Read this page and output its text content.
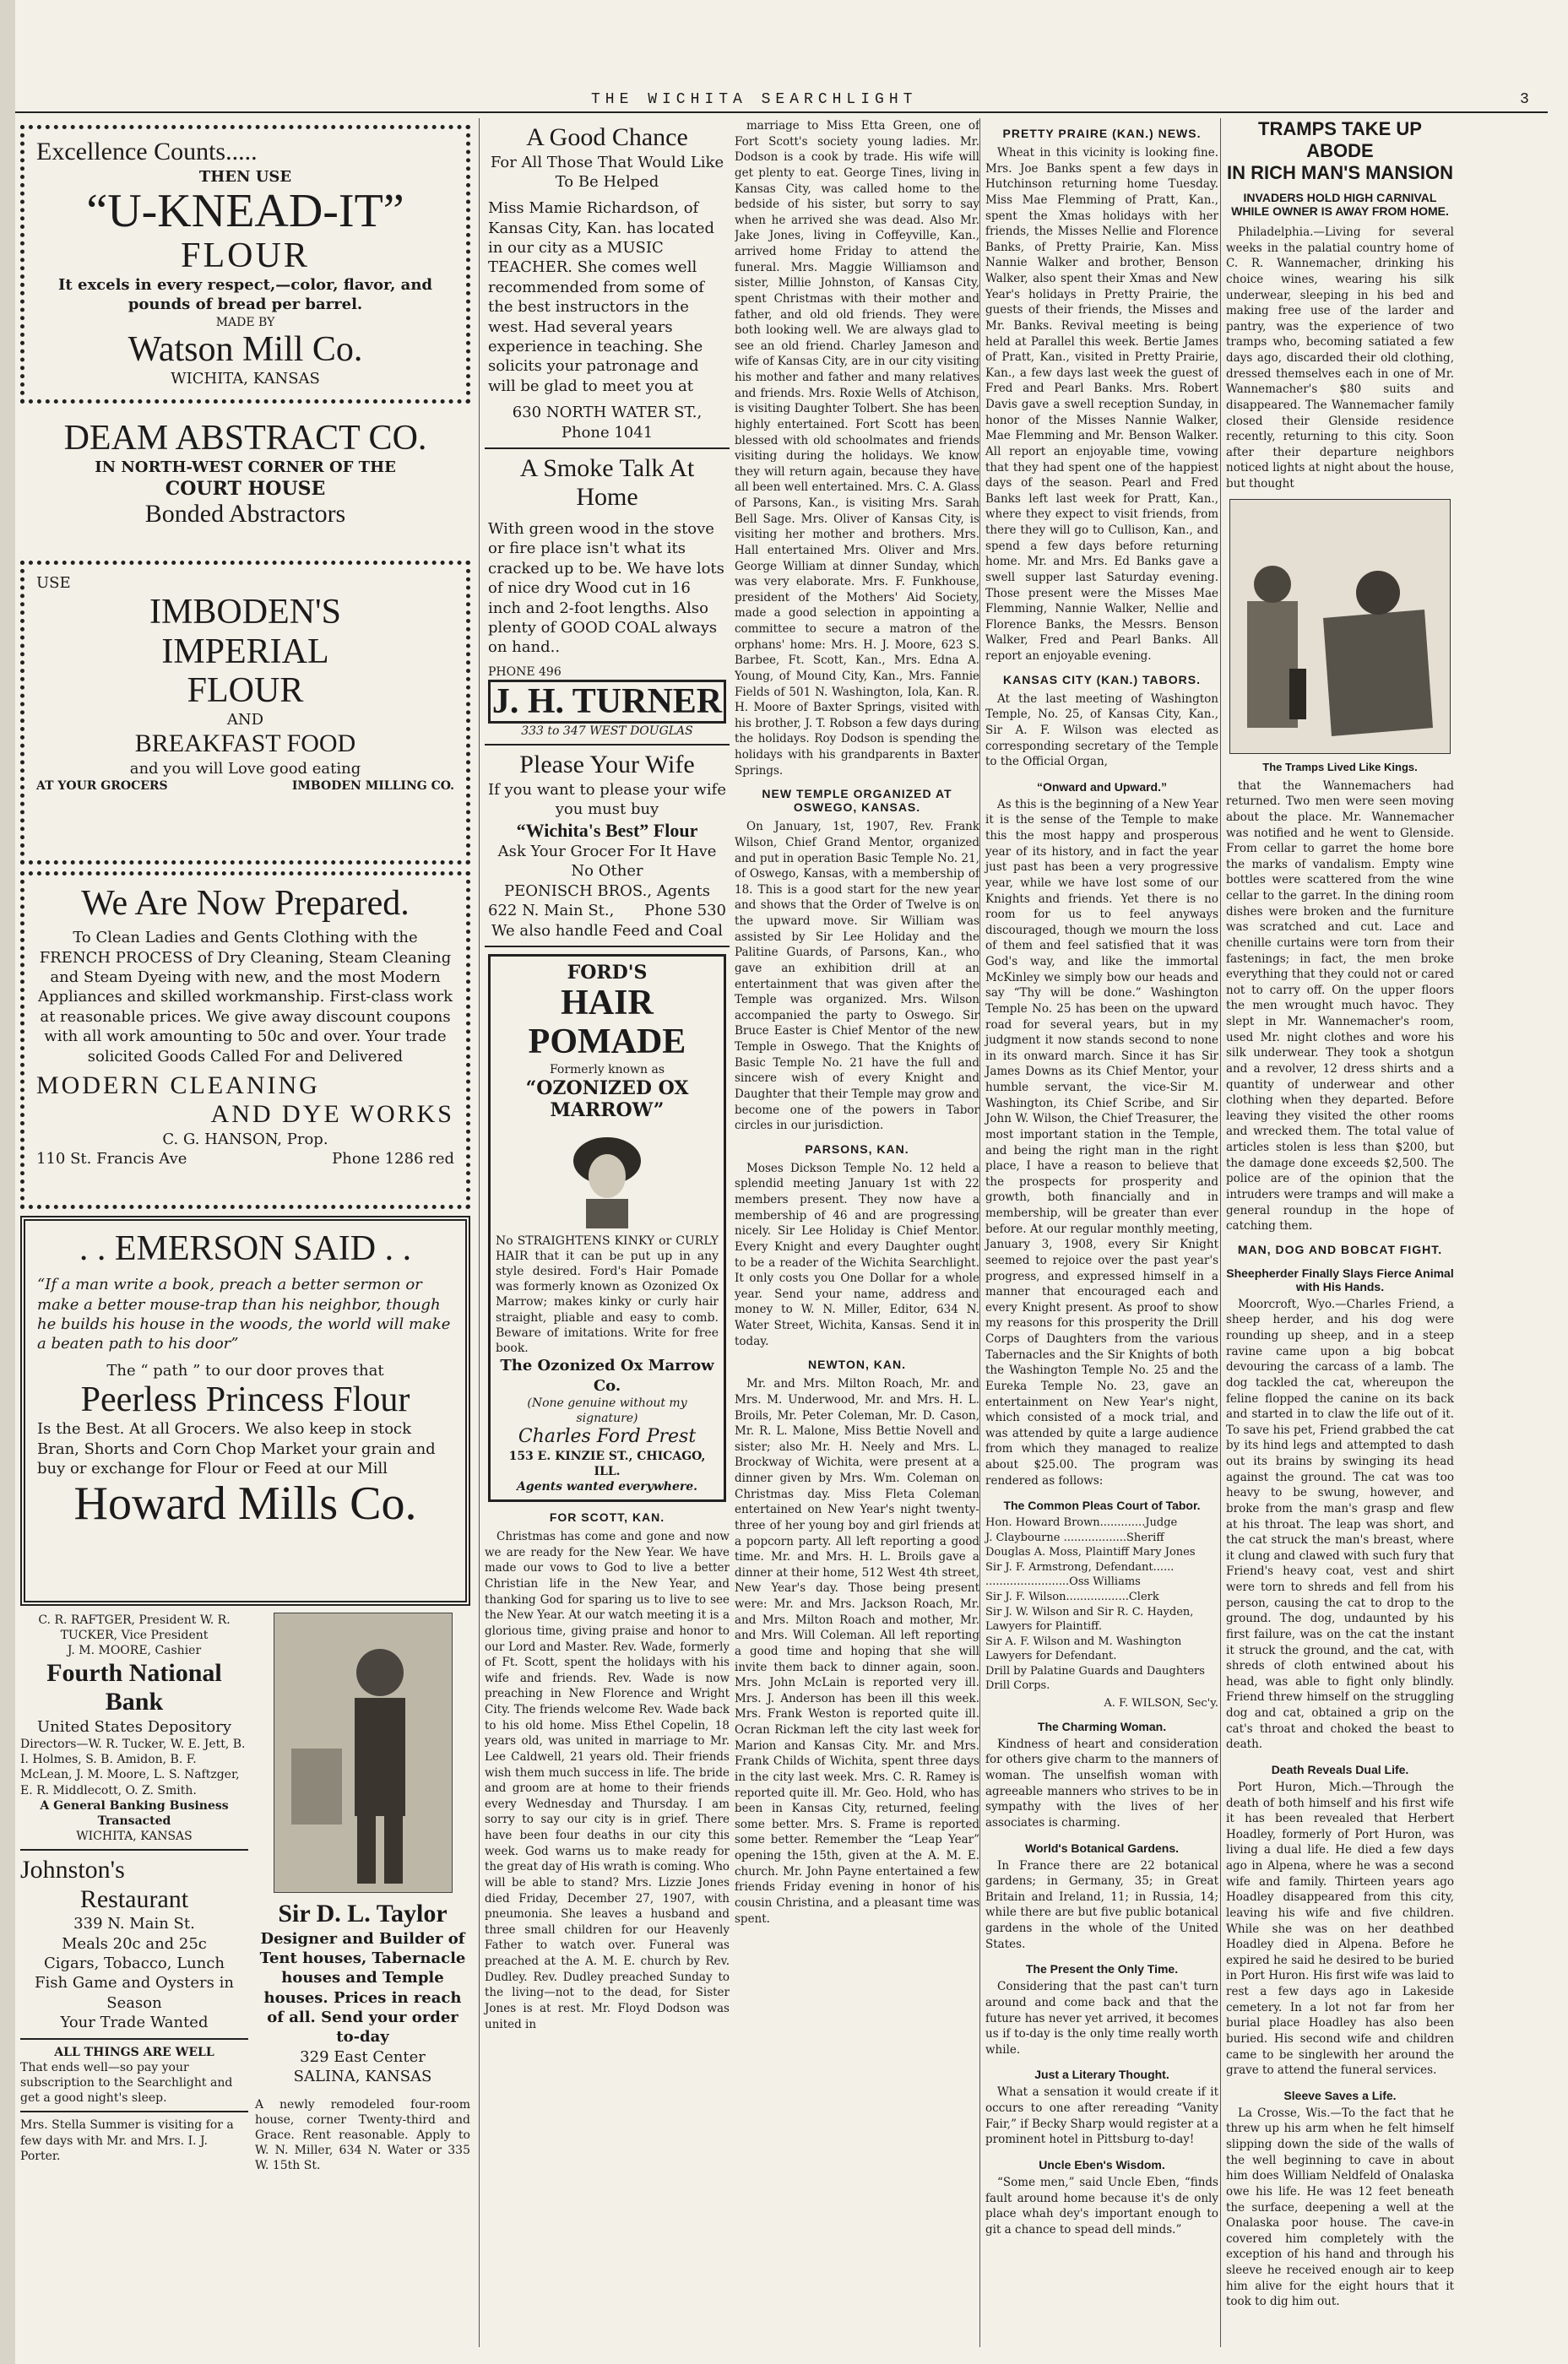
THE WICHITA SEARCHLIGHT	3
Excellence Counts.....
THEN USE
“U-KNEAD-IT”
FLOUR
It excels in every respect,—color, flavor, and pounds of bread per barrel.
MADE BY
Watson Mill Co.
WICHITA, KANSAS
DEAM ABSTRACT CO.
IN NORTH-WEST CORNER OF THE
COURT HOUSE
Bonded Abstractors
USE
IMBODEN'S
IMPERIAL
FLOUR
AND
BREAKFAST FOOD
and you will Love good eating
AT YOUR GROCERS	IMBODEN MILLING CO.
We Are Now Prepared.
To Clean Ladies and Gents Clothing with the FRENCH PROCESS of Dry Cleaning, Steam Cleaning and Steam Dyeing with new, and the most Modern Appliances and skilled workmanship. First-class work at reasonable prices. We give away discount coupons with all work amounting to 50c and over. Your trade solicited Goods Called For and Delivered
MODERN CLEANING
AND DYE WORKS
C. G. HANSON, Prop.
110 St. Francis Ave	Phone 1286 red
. . EMERSON SAID . .
“If a man write a book, preach a better sermon or make a better mouse-trap than his neighbor, though he builds his house in the woods, the world will make a beaten path to his door”
The “ path ” to our door proves that
Peerless Princess Flour
Is the Best. At all Grocers. We also keep in stock Bran, Shorts and Corn Chop Market your grain and buy or exchange for Flour or Feed at our Mill
Howard Mills Co.
C. R. RAFTGER, President W. R. TUCKER, Vice President
J. M. MOORE, Cashier
Fourth National Bank
United States Depository
Directors—W. R. Tucker, W. E. Jett, B. I. Holmes, S. B. Amidon, B. F. McLean, J. M. Moore, L. S. Naftzger, E. R. Middlecott, O. Z. Smith.
A General Banking Business Transacted
WICHITA, KANSAS
Johnston's
Restaurant
339 N. Main St.
Meals 20c and 25c
Cigars, Tobacco, Lunch
Fish Game and Oysters in Season
Your Trade Wanted
ALL THINGS ARE WELL
That ends well—so pay your subscription to the Searchlight and get a good night's sleep.
Mrs. Stella Summer is visiting for a few days with Mr. and Mrs. I. J. Porter.
Sir D. L. Taylor
Designer and Builder of Tent houses, Tabernacle houses and Temple houses. Prices in reach of all. Send your order to-day
329 East Center
SALINA, KANSAS
A newly remodeled four-room house, corner Twenty-third and Grace. Rent reasonable. Apply to W. N. Miller, 634 N. Water or 335 W. 15th St.
A Good Chance
For All Those That Would Like To Be Helped
Miss Mamie Richardson, of Kansas City, Kan. has located in our city as a MUSIC TEACHER. She comes well recommended from some of the best instructors in the west. Had several years experience in teaching. She solicits your patronage and will be glad to meet you at
630 NORTH WATER ST.,
Phone 1041
A Smoke Talk At Home
With green wood in the stove or fire place isn't what its cracked up to be. We have lots of nice dry Wood cut in 16 inch and 2-foot lengths. Also plenty of GOOD COAL always on hand..
PHONE 496
J. H. TURNER
333 to 347 WEST DOUGLAS
Please Your Wife
If you want to please your wife you must buy
“Wichita's Best” Flour
Ask Your Grocer For It Have No Other
PEONISCH BROS., Agents
622 N. Main St., Phone 530
We also handle Feed and Coal
FORD'S
HAIR POMADE
Formerly known as
“OZONIZED OX MARROW”
No STRAIGHTENS KINKY or CURLY HAIR that it can be put up in any style desired. Ford's Hair Pomade was formerly known as Ozonized Ox Marrow; makes kinky or curly hair straight, pliable and easy to comb. Beware of imitations. Write for free book.
The Ozonized Ox Marrow Co.
(None genuine without my signature)
Charles Ford Prest
153 E. KINZIE ST., CHICAGO, ILL.
Agents wanted everywhere.
FOR SCOTT, KAN.

Christmas has come and gone and now we are ready for the New Year. We have made our vows to God to live a better Christian life in the New Year, and thanking God for sparing us to live to see the New Year. At our watch meeting it is a glorious time, giving praise and honor to our Lord and Master. Rev. Wade, formerly of Ft. Scott, spent the holidays with his wife and friends. Rev. Wade is now preaching in New Florence and Wright City. The friends welcome Rev. Wade back to his old home. Miss Ethel Copelin, 18 years old, was united in marriage to Mr. Lee Caldwell, 21 years old. Their friends wish them much success in life. The bride and groom are at home to their friends every Wednesday and Thursday. I am sorry to say our city is in grief. There have been four deaths in our city this week. God warns us to make ready for the great day of His wrath is coming. Who will be able to stand? Mrs. Lizzie Jones died Friday, December 27, 1907, with pneumonia. She leaves a husband and three small children for our Heavenly Father to watch over. Funeral was preached at the A. M. E. church by Rev. Dudley. Rev. Dudley preached Sunday to the living—not to the dead, for Sister Jones is at rest. Mr. Floyd Dodson was united in

marriage to Miss Etta Green, one of Fort Scott's society young ladies. Mr. Dodson is a cook by trade. His wife will get plenty to eat. George Tines, living in Kansas City, was called home to the bedside of his sister, but sorry to say when he arrived she was dead. Also Mr. Jake Jones, living in Coffeyville, Kan., arrived home Friday to attend the funeral. Mrs. Maggie Williamson and sister, Millie Johnston, of Kansas City, spent Christmas with their mother and father, and old old friends. They were both looking well. We are always glad to see an old friend. Charley Jameson and wife of Kansas City, are in our city visiting his mother and father and many relatives and friends. Mrs. Roxie Wells of Atchison, is visiting Daughter Tolbert. She has been highly entertained. Fort Scott has been blessed with old schoolmates and friends visiting during the holidays. We know they will return again, because they have all been well entertained. Mrs. C. A. Glass of Parsons, Kan., is visiting Mrs. Sarah Bell Sage. Mrs. Oliver of Kansas City, is visiting her mother and brothers. Mrs. Hall entertained Mrs. Oliver and Mrs. George William at dinner Sunday, which was very elaborate. Mrs. F. Funkhouse, president of the Mothers' Aid Society, made a good selection in appointing a committee to secure a matron of the orphans' home: Mrs. H. J. Moore, 623 S. Barbee, Ft. Scott, Kan., Mrs. Edna A. Young, of Mound City, Kan., Mrs. Fannie Fields of 501 N. Washington, Iola, Kan. R. H. Moore of Baxter Springs, visited with his brother, J. T. Robson a few days during the holidays. Roy Dodson is spending the holidays with his grandparents in Baxter Springs.

NEW TEMPLE ORGANIZED AT OSWEGO, KANSAS.

On January, 1st, 1907, Rev. Frank Wilson, Chief Grand Mentor, organized and put in operation Basic Temple No. 21, of Oswego, Kansas, with a membership of 18. This is a good start for the new year and shows that the Order of Twelve is on the upward move. Sir William was assisted by Sir Lee Holiday and the Palitine Guards, of Parsons, Kan., who gave an exhibition drill at an entertainment that was given after the Temple was organized. Mrs. Wilson accompanied the party to Oswego. Sir Bruce Easter is Chief Mentor of the new Temple in Oswego. That the Knights of Basic Temple No. 21 have the full and sincere wish of every Knight and Daughter that their Temple may grow and become one of the powers in Tabor circles in our jurisdiction.

PARSONS, KAN.

Moses Dickson Temple No. 12 held a splendid meeting January 1st with 22 members present. They now have a membership of 46 and are progressing nicely. Sir Lee Holiday is Chief Mentor. Every Knight and every Daughter ought to be a reader of the Wichita Searchlight. It only costs you One Dollar for a whole year. Send your name, address and money to W. N. Miller, Editor, 634 N. Water Street, Wichita, Kansas. Send it in today.

NEWTON, KAN.

Mr. and Mrs. Milton Roach, Mr. and Mrs. M. Underwood, Mr. and Mrs. H. L. Broils, Mr. Peter Coleman, Mr. D. Cason, Mr. R. L. Malone, Miss Bettie Novell and sister; also Mr. H. Neely and Mrs. L. Brockway of Wichita, were present at a dinner given by Mrs. Wm. Coleman on Christmas day. Miss Fleta Coleman entertained on New Year's night twenty-three of her young boy and girl friends at a popcorn party. All left reporting a good time. Mr. and Mrs. H. L. Broils gave a dinner at their home, 512 West 4th street, New Year's day. Those being present were: Mr. and Mrs. Jackson Roach, Mr. and Mrs. Milton Roach and mother, Mr. and Mrs. Will Coleman. All left reporting a good time and hoping that she will invite them back to dinner again, soon. Mrs. John McLain is reported very ill. Mrs. J. Anderson has been ill this week. Mrs. Frank Weston is reported quite ill. Ocran Rickman left the city last week for Marion and Kansas City. Mr. and Mrs. Frank Childs of Wichita, spent three days in the city last week. Mrs. C. R. Ramey is reported quite ill. Mr. Geo. Hold, who has been in Kansas City, returned, feeling some better. Mrs. S. Frame is reported some better. Remember the “Leap Year” opening the 15th, given at the A. M. E. church. Mr. John Payne entertained a few friends Friday evening in honor of his cousin Christina, and a pleasant time was spent.

PRETTY PRAIRE (KAN.) NEWS.

Wheat in this vicinity is looking fine. Mrs. Joe Banks spent a few days in Hutchinson returning home Tuesday. Miss Mae Flemming of Pratt, Kan., spent the Xmas holidays with her friends, the Misses Nellie and Florence Banks, of Pretty Prairie, Kan. Miss Nannie Walker and brother, Benson Walker, also spent their Xmas and New Year's holidays in Pretty Prairie, the guests of their friends, the Misses and Mr. Banks. Revival meeting is being held at Parallel this week. Bertie James of Pratt, Kan., visited in Pretty Prairie, Kan., a few days last week the guest of Fred and Pearl Banks. Mrs. Robert Davis gave a swell reception Sunday, in honor of the Misses Nannie Walker, Mae Flemming and Mr. Benson Walker. All report an enjoyable time, vowing that they had spent one of the happiest days of the season. Pearl and Fred Banks left last week for Pratt, Kan., where they expect to visit friends, from there they will go to Cullison, Kan., and spend a few days before returning home. Mr. and Mrs. Ed Banks gave a swell supper last Saturday evening. Those present were the Misses Mae Flemming, Nannie Walker, Nellie and Florence Banks, the Messrs. Benson Walker, Fred and Pearl Banks. All report an enjoyable evening.

KANSAS CITY (KAN.) TABORS.

At the last meeting of Washington Temple, No. 25, of Kansas City, Kan., Sir A. F. Wilson was elected as corresponding secretary of the Temple to the Official Organ,

“Onward and Upward.”

As this is the beginning of a New Year it is the sense of the Temple to make this the most happy and prosperous year of its history, and in fact the year just past has been a very progressive year, while we have lost some of our Knights and friends. Yet there is no room for us to feel anyways discouraged, though we mourn the loss of them and feel satisfied that it was God's way, and like the immortal McKinley we simply bow our heads and say “Thy will be done.” Washington Temple No. 25 has been on the upward road for several years, but in my judgment it now stands second to none in its onward march. Since it has Sir James Downs as its Chief Mentor, your humble servant, the vice-Sir M. Washington, its Chief Scribe, and Sir John W. Wilson, the Chief Treasurer, the most important station in the Temple, and being the right man in the right place, I have a reason to believe that the prospects for prosperity and growth, both financially and in membership, will be greater than ever before. At our regular monthly meeting, January 3, 1908, every Sir Knight seemed to rejoice over the past year's progress, and expressed himself in a manner that encouraged each and every Knight present. As proof to show my reasons for this prosperity the Drill Corps of Daughters from the various Tabernacles and the Sir Knights of both the Washington Temple No. 25 and the Eureka Temple No. 23, gave an entertainment on New Year's night, which consisted of a mock trial, and was attended by quite a large audience from which they managed to realize about $25.00. The program was rendered as follows:

The Common Pleas Court of Tabor.
Hon. Howard Brown.............Judge
J. Claybourne ..................Sheriff
Douglas A. Moss, Plaintiff Mary Jones
Sir J. F. Armstrong, Defendant......
........................Oss Williams
Sir J. F. Wilson..................Clerk
Sir J. W. Wilson and Sir R. C. Hayden, Lawyers for Plaintiff.
Sir A. F. Wilson and M. Washington Lawyers for Defendant.
Drill by Palatine Guards and Daughters Drill Corps.
A. F. WILSON, Sec'y.
The Charming Woman.

Kindness of heart and consideration for others give charm to the manners of woman. The unselfish woman with agreeable manners who strives to be in sympathy with the lives of her associates is charming.

World's Botanical Gardens.

In France there are 22 botanical gardens; in Germany, 35; in Great Britain and Ireland, 11; in Russia, 14; while there are but five public botanical gardens in the whole of the United States.

The Present the Only Time.

Considering that the past can't turn around and come back and that the future has never yet arrived, it becomes us if to-day is the only time really worth while.

Just a Literary Thought.

What a sensation it would create if it occurs to one after rereading “Vanity Fair,” if Becky Sharp would register at a prominent hotel in Pittsburg to-day!

Uncle Eben's Wisdom.

“Some men,” said Uncle Eben, “finds fault around home because it's de only place whah dey's important enough to git a chance to spead dell minds.”

TRAMPS TAKE UP ABODE
IN RICH MAN'S MANSION
INVADERS HOLD HIGH CARNIVAL WHILE OWNER IS AWAY FROM HOME.

Philadelphia.—Living for several weeks in the palatial country home of C. R. Wannemacher, drinking his choice wines, wearing his silk underwear, sleeping in his bed and making free use of the larder and pantry, was the experience of two tramps who, becoming satiated a few days ago, discarded their old clothing, dressed themselves each in one of Mr. Wannemacher's $80 suits and disappeared. The Wannemacher family closed their Glenside residence recently, returning to this city. Soon after their departure neighbors noticed lights at night about the house, but thought

The Tramps Lived Like Kings.

that the Wannemachers had returned. Two men were seen moving about the place. Mr. Wannemacher was notified and he went to Glenside. From cellar to garret the home bore the marks of vandalism. Empty wine bottles were scattered from the wine cellar to the garret. In the dining room dishes were broken and the furniture was scratched and cut. Lace and chenille curtains were torn from their fastenings; in fact, the men broke everything that they could not or cared not to carry off. On the upper floors the men wrought much havoc. They slept in Mr. Wannemacher's room, used Mr. night clothes and wore his silk underwear. They took a shotgun and a revolver, 12 dress shirts and a quantity of underwear and other clothing when they departed. Before leaving they visited the other rooms and wrecked them. The total value of articles stolen is less than $200, but the damage done exceeds $2,500. The police are of the opinion that the intruders were tramps and will make a general roundup in the hope of catching them.

MAN, DOG AND BOBCAT FIGHT.
Sheepherder Finally Slays Fierce Animal with His Hands.

Moorcroft, Wyo.—Charles Friend, a sheep herder, and his dog were rounding up sheep, and in a steep ravine came upon a big bobcat devouring the carcass of a lamb. The dog tackled the cat, whereupon the feline flopped the canine on its back and started in to claw the life out of it. To save his pet, Friend grabbed the cat by its hind legs and attempted to dash out its brains by swinging its head against the ground. The cat was too heavy to be swung, however, and broke from the man's grasp and flew at his throat. The leap was short, and the cat struck the man's breast, where it clung and clawed with such fury that Friend's heavy coat, vest and shirt were torn to shreds and fell from his person, causing the cat to drop to the ground. The dog, undaunted by his first failure, was on the cat the instant it struck the ground, and the cat, with shreds of cloth entwined about his head, was able to fight only blindly. Friend threw himself on the struggling dog and cat, obtained a grip on the cat's throat and choked the beast to death.

Death Reveals Dual Life.

Port Huron, Mich.—Through the death of both himself and his first wife it has been revealed that Herbert Hoadley, formerly of Port Huron, was living a dual life. He died a few days ago in Alpena, where he was a second wife and family. Thirteen years ago Hoadley disappeared from this city, leaving his wife and five children. While she was on her deathbed Hoadley died in Alpena. Before he expired he said he desired to be buried in Port Huron. His first wife was laid to rest a few days ago in Lakeside cemetery. In a lot not far from her burial place Hoadley has also been buried. His second wife and children came to be singlewith her around the grave to attend the funeral services.

Sleeve Saves a Life.

La Crosse, Wis.—To the fact that he threw up his arm when he felt himself slipping down the side of the walls of the well beginning to cave in about him does William Neldfeld of Onalaska owe his life. He was 12 feet beneath the surface, deepening a well at the Onalaska poor house. The cave-in covered him completely with the exception of his hand and through his sleeve he received enough air to keep him alive for the eight hours that it took to dig him out.
